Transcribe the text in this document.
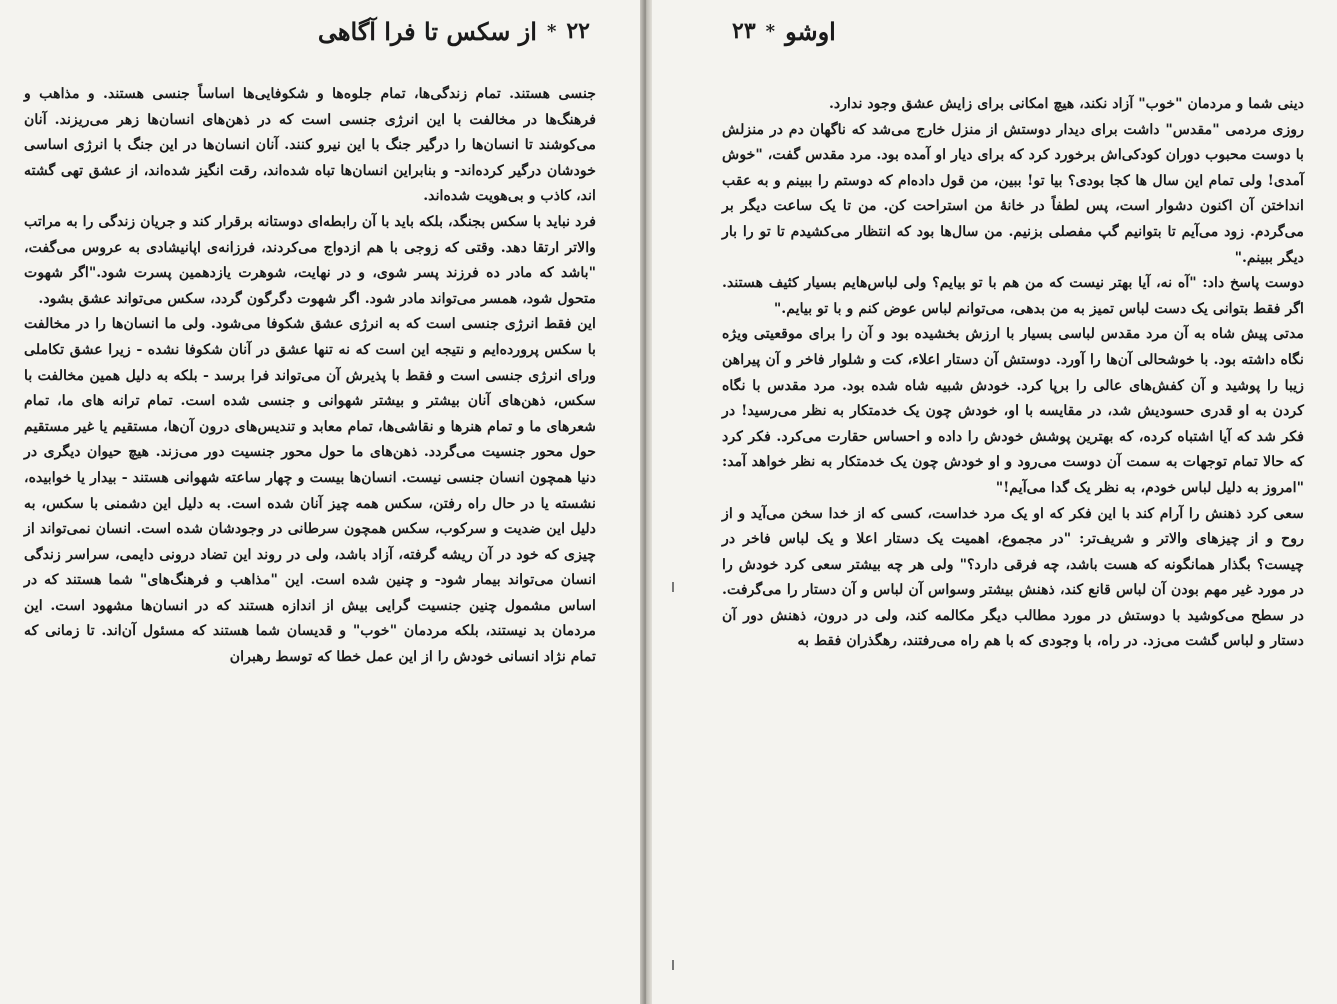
۲۲
*
از سکس تا فرا آگاهی

جنسی هستند. تمام زندگی‌ها، تمام جلوه‌ها و شکوفایی‌ها اساساً جنسی هستند. و مذاهب و فرهنگ‌ها در مخالفت با این انرژی جنسی است که در ذهن‌های انسان‌ها زهر می‌ریزند. آنان می‌کوشند تا انسان‌ها را درگیر جنگ با این نیرو کنند. آنان انسان‌ها در این جنگ با انرژی اساسی خودشان درگیر کرده‌اند- و بنابراین انسان‌ها تباه شده‌اند، رقت انگیز شده‌اند، از عشق تهی گشته اند، کاذب و بی‌هویت شده‌اند.

فرد نباید با سکس بجنگد، بلکه باید با آن رابطه‌ای دوستانه برقرار کند و جریان زندگی را به مراتب والاتر ارتقا دهد. وقتی که زوجی با هم ازدواج می‌کردند، فرزانه‌ی اپانیشادی به عروس می‌گفت، "باشد که مادر ده فرزند پسر شوی، و در نهایت، شوهرت یازدهمین پسرت شود."اگر شهوت متحول شود، همسر می‌تواند مادر شود. اگر شهوت دگرگون گردد، سکس می‌تواند عشق بشود.

این فقط انرژی جنسی است که به انرژی عشق شکوفا می‌شود. ولی ما انسان‌ها را در مخالفت با سکس پرورده‌ایم و نتیجه این است که نه تنها عشق در آنان شکوفا نشده - زیرا عشق تکاملی ورای انرژی جنسی است و فقط با پذیرش آن می‌تواند فرا برسد - بلکه به دلیل همین مخالفت با سکس، ذهن‌های آنان بیشتر و بیشتر شهوانی و جنسی شده است. تمام ترانه های ما، تمام شعرهای ما و تمام هنرها و نقاشی‌ها، تمام معابد و تندیس‌های درون آن‌ها، مستقیم یا غیر مستقیم حول محور جنسیت می‌گردد. ذهن‌های ما حول محور جنسیت دور می‌زند. هیچ حیوان دیگری در دنیا همچون انسان جنسی نیست. انسان‌ها بیست و چهار ساعته شهوانی هستند - بیدار یا خوابیده، نشسته یا در حال راه رفتن، سکس همه چیز آنان شده است. به دلیل این دشمنی با سکس، به دلیل این ضدیت و سرکوب، سکس همچون سرطانی در وجودشان شده است. انسان نمی‌تواند از چیزی که خود در آن ریشه گرفته، آزاد باشد، ولی در روند این تضاد درونی دایمی، سراسر زندگی انسان می‌تواند بیمار شود- و چنین شده است. این "مذاهب و فرهنگ‌های" شما هستند که در اساس مشمول چنین جنسیت گرایی بیش از اندازه هستند که در انسان‌ها مشهود است. این مردمان بد نیستند، بلکه مردمان "خوب" و قدیسان شما هستند که مسئول آن‌اند. تا زمانی که تمام نژاد انسانی خودش را از این عمل خطا که توسط رهبران

اوشو
*
۲۳

دینی شما و مردمان "خوب" آزاد نکند، هیچ امکانی برای زایش عشق وجود ندارد.

روزی مردمی "مقدس" داشت برای دیدار دوستش از منزل خارج می‌شد که ناگهان دم در منزلش با دوست محبوب دوران کودکی‌اش برخورد کرد که برای دیار او آمده بود. مرد مقدس گفت، "خوش آمدی! ولی تمام این سال ها کجا بودی؟ بیا تو! ببین، من قول داده‌ام که دوستم را ببینم و به عقب انداختن آن اکنون دشوار است، پس لطفاً در خانهٔ من استراحت کن. من تا یک ساعت دیگر بر می‌گردم. زود می‌آیم تا بتوانیم گپ مفصلی بزنیم. من سال‌ها بود که انتظار می‌کشیدم تا تو را بار دیگر ببینم."

دوست پاسخ داد: "آه نه، آیا بهتر نیست که من هم با تو بیایم؟ ولی لباس‌هایم بسیار کثیف هستند. اگر فقط بتوانی یک دست لباس تمیز به من بدهی، می‌توانم لباس عوض کنم و با تو بیایم."

مدتی پیش شاه به آن مرد مقدس لباسی بسیار با ارزش بخشیده بود و آن را برای موقعیتی ویژه نگاه داشته بود. با خوشحالی آن‌ها را آورد. دوستش آن دستار اعلاء، کت و شلوار فاخر و آن پیراهن زیبا را پوشید و آن کفش‌های عالی را برپا کرد. خودش شبیه شاه شده بود. مرد مقدس با نگاه کردن به او قدری حسودیش شد، در مقایسه با او، خودش چون یک خدمتکار به نظر می‌رسید! در فکر شد که آیا اشتباه کرده، که بهترین پوشش خودش را داده و احساس حقارت می‌کرد. فکر کرد که حالا تمام توجهات به سمت آن دوست می‌رود و او خودش چون یک خدمتکار به نظر خواهد آمد: "امروز به دلیل لباس خودم، به نظر یک گدا می‌آیم!"

سعی کرد ذهنش را آرام کند با این فکر که او یک مرد خداست، کسی که از خدا سخن می‌آید و از روح و از چیزهای والاتر و شریف‌تر: "در مجموع، اهمیت یک دستار اعلا و یک لباس فاخر در چیست؟ بگذار همانگونه که هست باشد، چه فرقی دارد؟" ولی هر چه بیشتر سعی کرد خودش را در مورد غیر مهم بودن آن لباس قانع کند، ذهنش بیشتر وسواس آن لباس و آن دستار را می‌گرفت. در سطح می‌کوشید با دوستش در مورد مطالب دیگر مکالمه کند، ولی در درون، ذهنش دور آن دستار و لباس گشت می‌زد. در راه، با وجودی که با هم راه می‌رفتند، رهگذران فقط به
